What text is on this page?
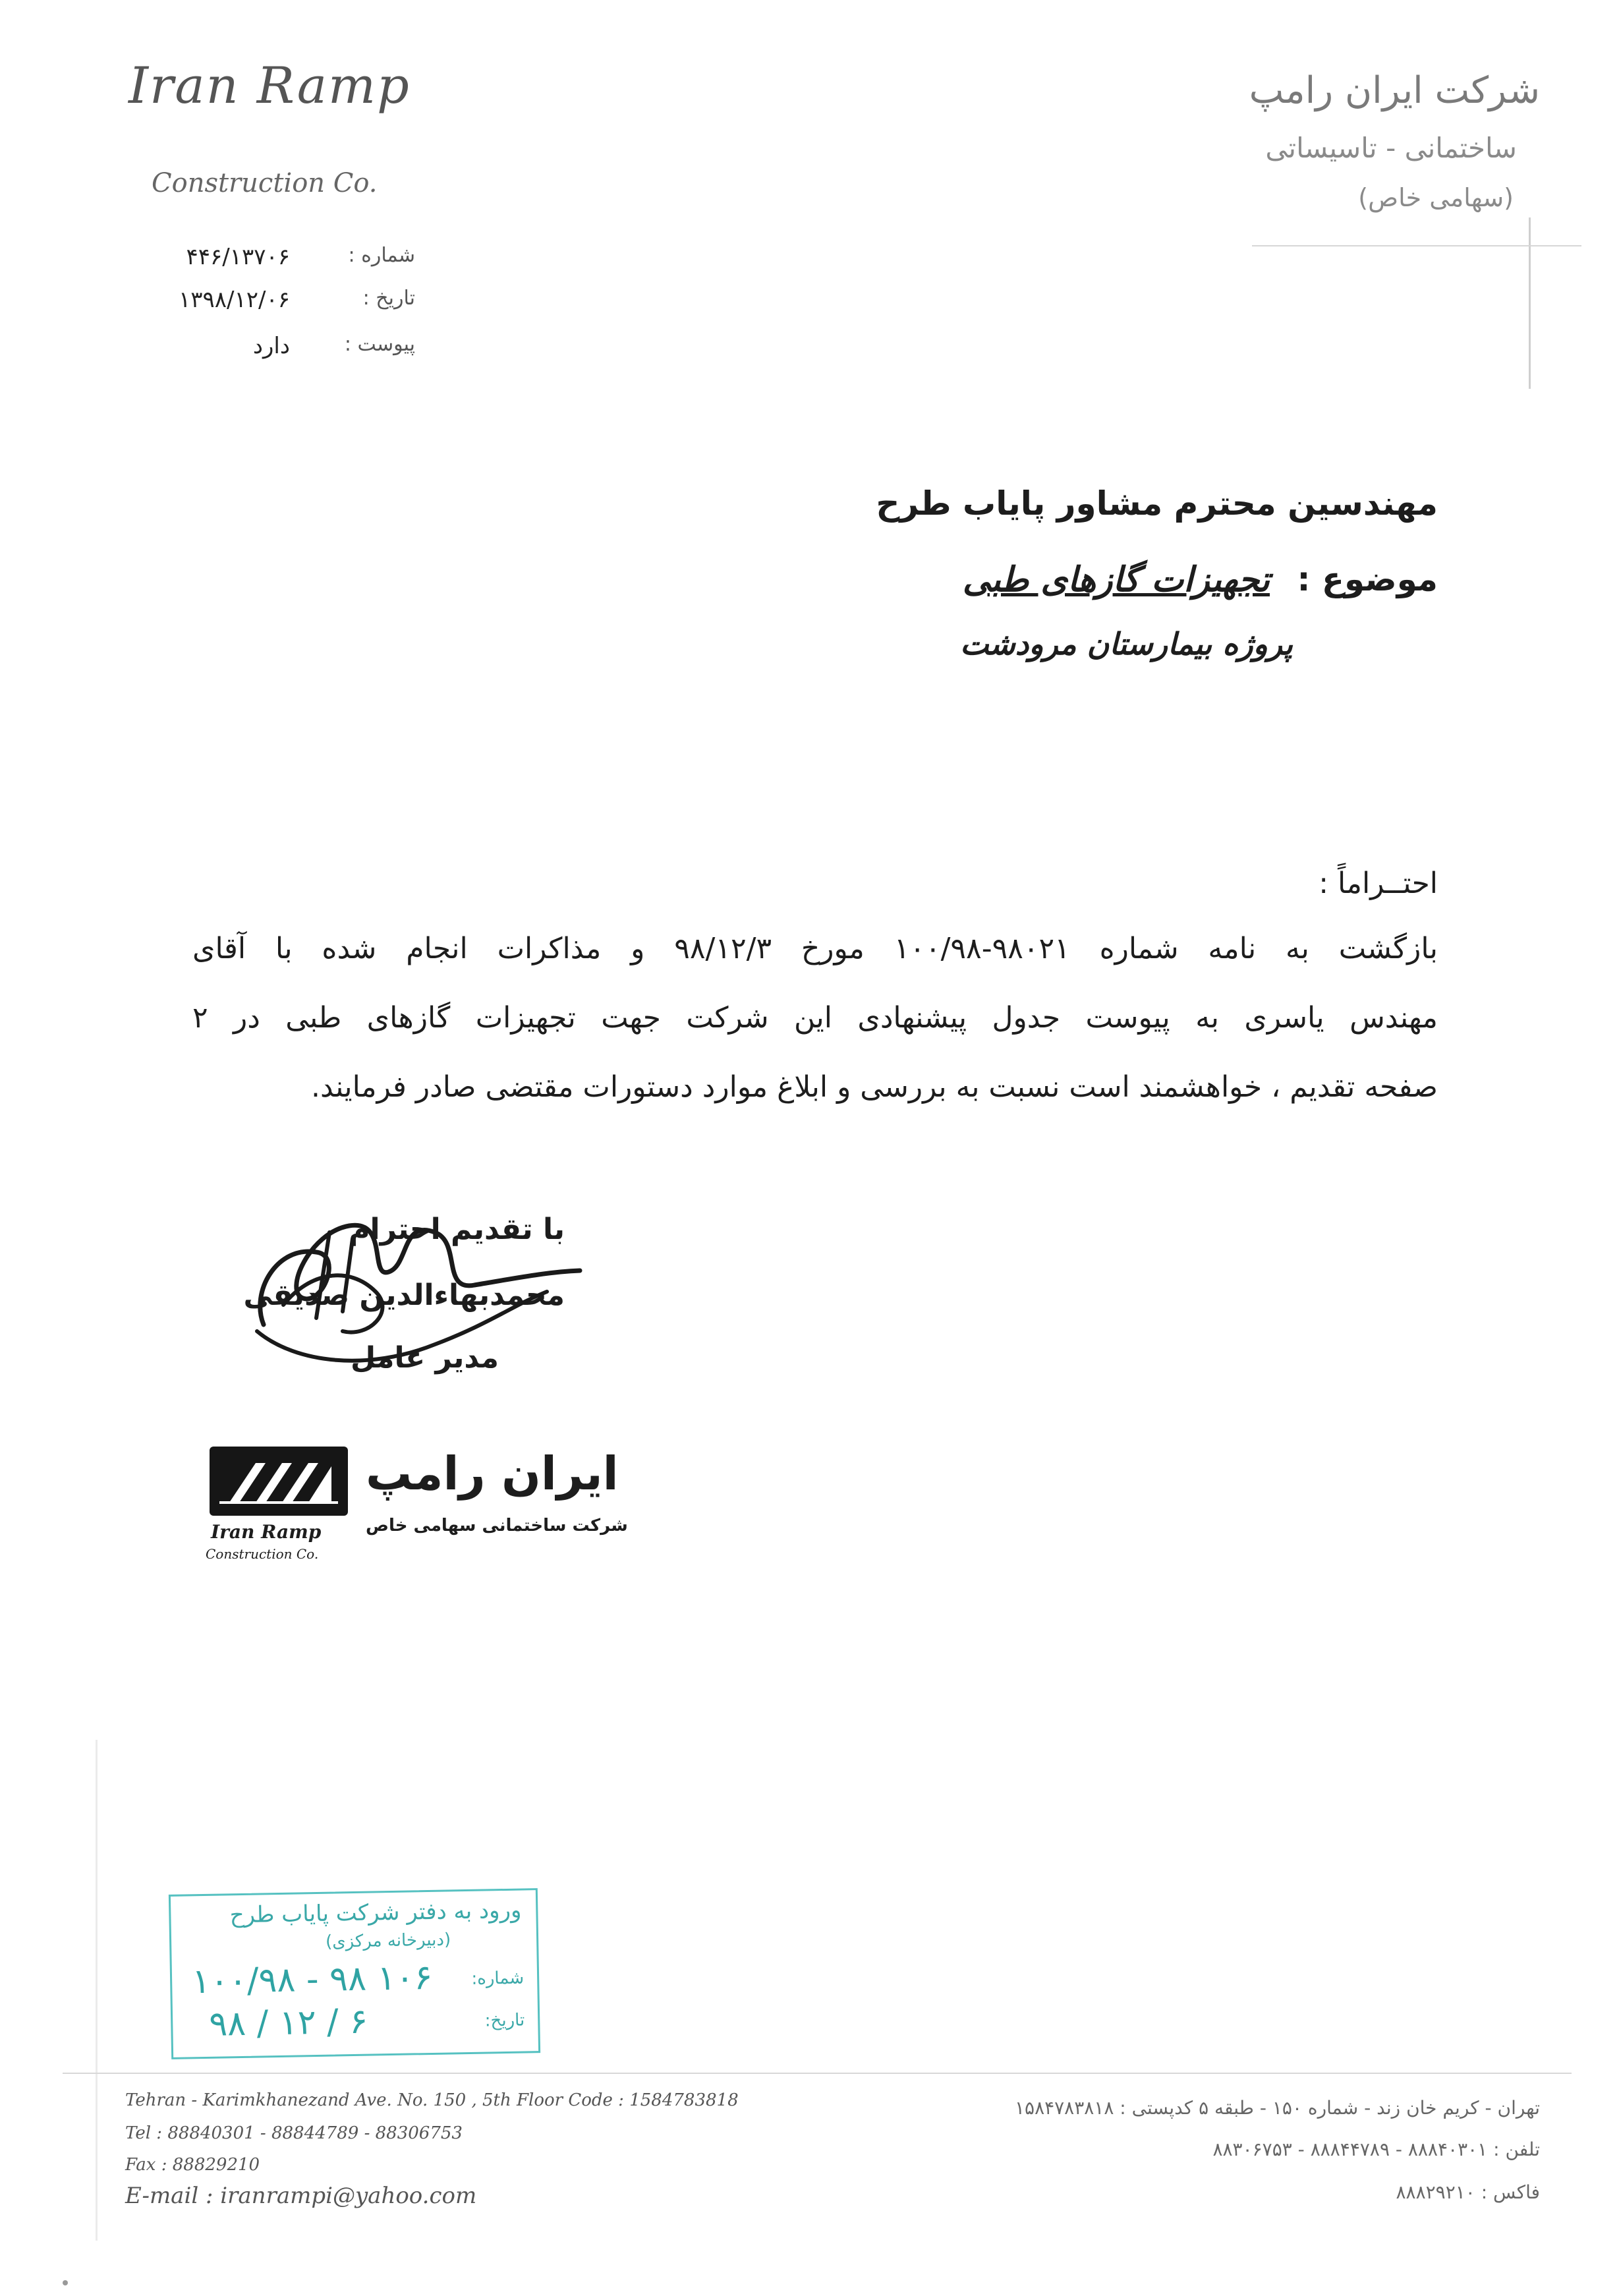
Iran Ramp
Construction Co.
شماره :
۴۴۶/۱۳۷۰۶
تاریخ :
۱۳۹۸/۱۲/۰۶
پیوست :
دارد
شرکت ایران رامپ
ساختمانی - تاسیساتی
(سهامی خاص)
مهندسین محترم مشاور پایاب طرح
موضوع :
تجهیزات گازهای طبی
پروژه بیمارستان مرودشت
احتــراماً :
بازگشت به نامه شماره ۹۸۰۲۱-۱۰۰/۹۸ مورخ ۹۸/۱۲/۳ و مذاکرات انجام شده با آقای
مهندس یاسری به پیوست جدول پیشنهادی این شرکت جهت تجهیزات گازهای طبی در ۲
صفحه تقدیم ، خواهشمند است نسبت به بررسی و ابلاغ موارد دستورات مقتضی صادر فرمایند.
با تقدیم احترام
محمدبهاءالدین صدیقی
مدیر عامل
Iran Ramp
Construction Co.
ایران رامپ
شرکت ساختمانی سهامی خاص
ورود به دفتر شرکت پایاب طرح
(دبیرخانه مرکزی)
شماره:
۱۰۰/۹۸ - ۹۸ ۱۰۶
تاریخ:
۹۸ / ۱۲ / ۶
Tehran - Karimkhanezand Ave. No. 150 , 5th Floor Code : 1584783818
Tel : 88840301 - 88844789 - 88306753
Fax : 88829210
E-mail : iranrampi@yahoo.com
تهران - کریم خان زند - شماره ۱۵۰ - طبقه ۵ کدپستی : ۱۵۸۴۷۸۳۸۱۸
تلفن : ۸۸۸۴۰۳۰۱ - ۸۸۸۴۴۷۸۹ - ۸۸۳۰۶۷۵۳
فاکس : ۸۸۸۲۹۲۱۰
